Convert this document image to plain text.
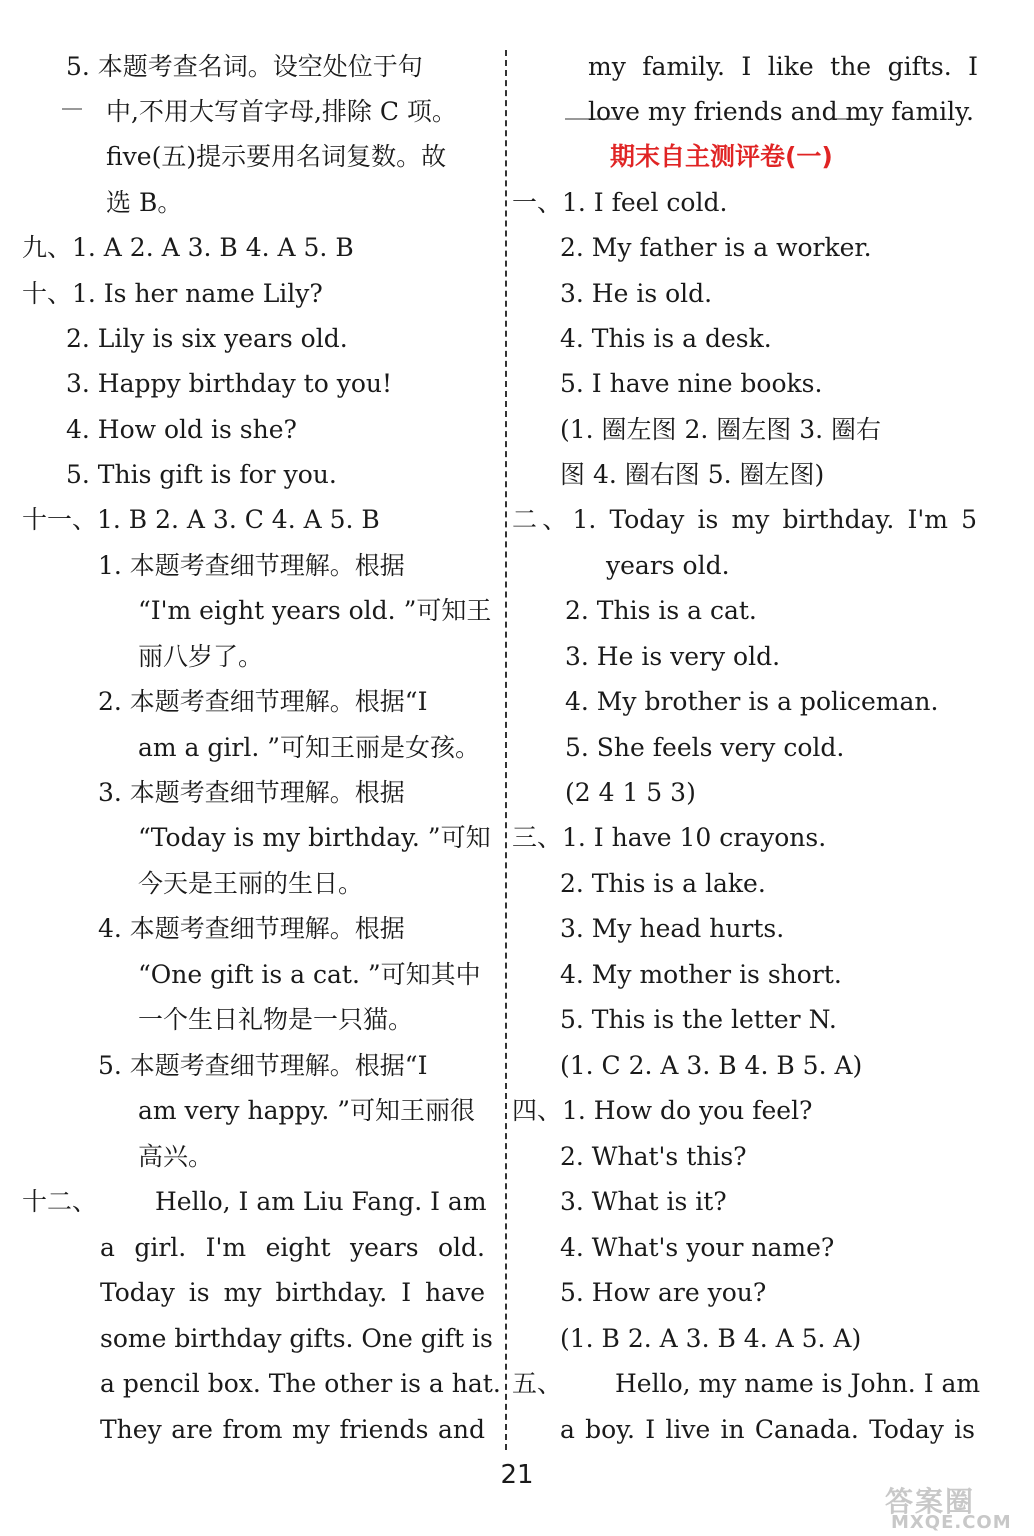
5. 本题考查名词。设空处位于句
中,不用大写首字母,排除 C 项。
five(五)提示要用名词复数。故
选 B。
九、1. A 2. A 3. B 4. A 5. B
十、1. Is her name Lily?
2. Lily is six years old.
3. Happy birthday to you!
4. How old is she?
5. This gift is for you.
十一、1. B 2. A 3. C 4. A 5. B
1. 本题考查细节理解。根据
“I'm eight years old. ”可知王
丽八岁了。
2. 本题考查细节理解。根据“I
am a girl. ”可知王丽是女孩。
3. 本题考查细节理解。根据
“Today is my birthday. ”可知
今天是王丽的生日。
4. 本题考查细节理解。根据
“One gift is a cat. ”可知其中
一个生日礼物是一只猫。
5. 本题考查细节理解。根据“I
am very happy. ”可知王丽很
高兴。
十二、 Hello, I am Liu Fang. I am
a girl. I'm eight years old.
Today is my birthday. I have
some birthday gifts. One gift is
a pencil box. The other is a hat.
They are from my friends and
my family. I like the gifts. I
love my friends and my family.
期末自主测评卷(一)
一、1. I feel cold.
2. My father is a worker.
3. He is old.
4. This is a desk.
5. I have nine books.
(1. 圈左图 2. 圈左图 3. 圈右
图 4. 圈右图 5. 圈左图)
二、1. Today is my birthday. I'm 5
years old.
2. This is a cat.
3. He is very old.
4. My brother is a policeman.
5. She feels very cold.
(2 4 1 5 3)
三、1. I have 10 crayons.
2. This is a lake.
3. My head hurts.
4. My mother is short.
5. This is the letter N.
(1. C 2. A 3. B 4. B 5. A)
四、1. How do you feel?
2. What's this?
3. What is it?
4. What's your name?
5. How are you?
(1. B 2. A 3. B 4. A 5. A)
五、 Hello, my name is John. I am
a boy. I live in Canada. Today is
21
答案圈
MXQE.COM
